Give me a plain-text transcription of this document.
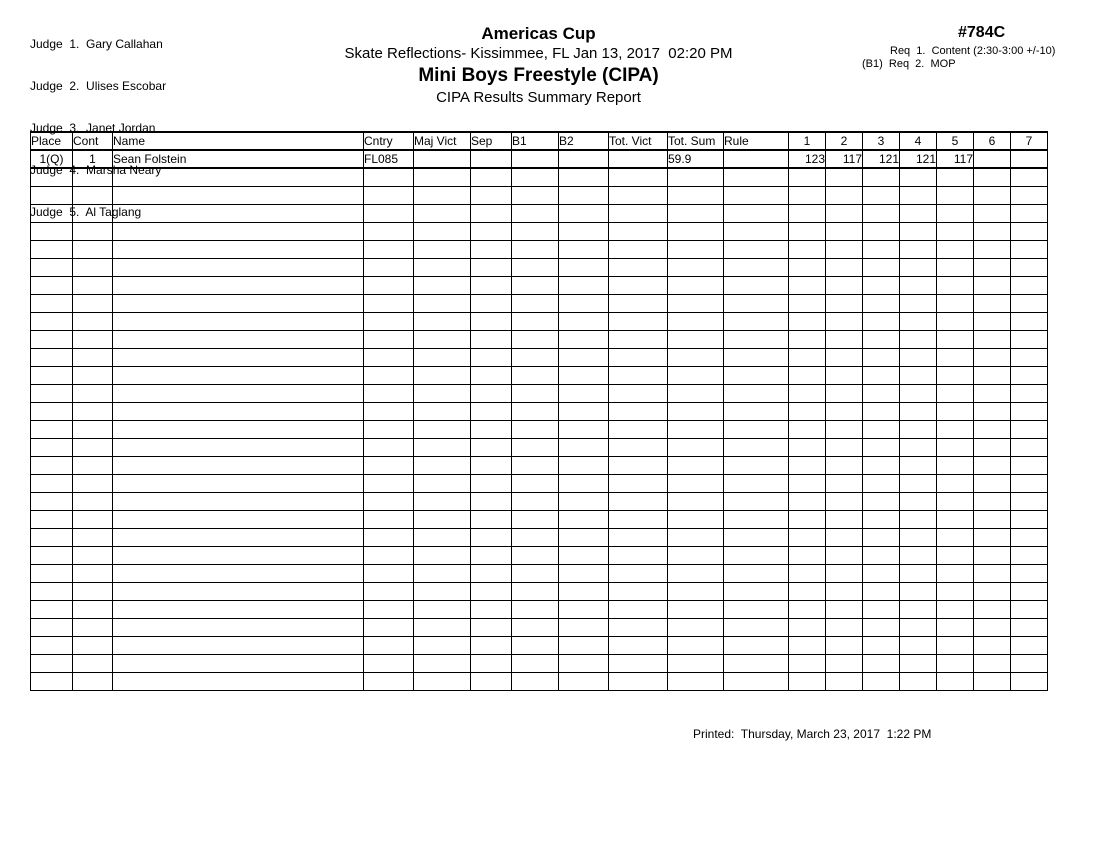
Judge  1.  Gary Callahan

Judge  2.  Ulises Escobar

Judge  3.  Janet Jordan

Judge  4.  Marsha Neary

Judge  5.  Al Taglang

Americas Cup
Skate Reflections- Kissimmee, FL Jan 13, 2017  02:20 PM
Mini Boys Freestyle (CIPA)
CIPA Results Summary Report
#784C
Req  1.  Content (2:30-3:00 +/-10)
(B1)  Req  2.  MOP
Place	Cont	Name	Cntry	Maj Vict	Sep	B1	B2	Tot. Vict	Tot. Sum	Rule	1	2	3	4	5	6	7
1(Q)	1	Sean Folstein	FL085						59.9		123	117	121	121	117		

Printed:  Thursday, March 23, 2017  1:22 PM
